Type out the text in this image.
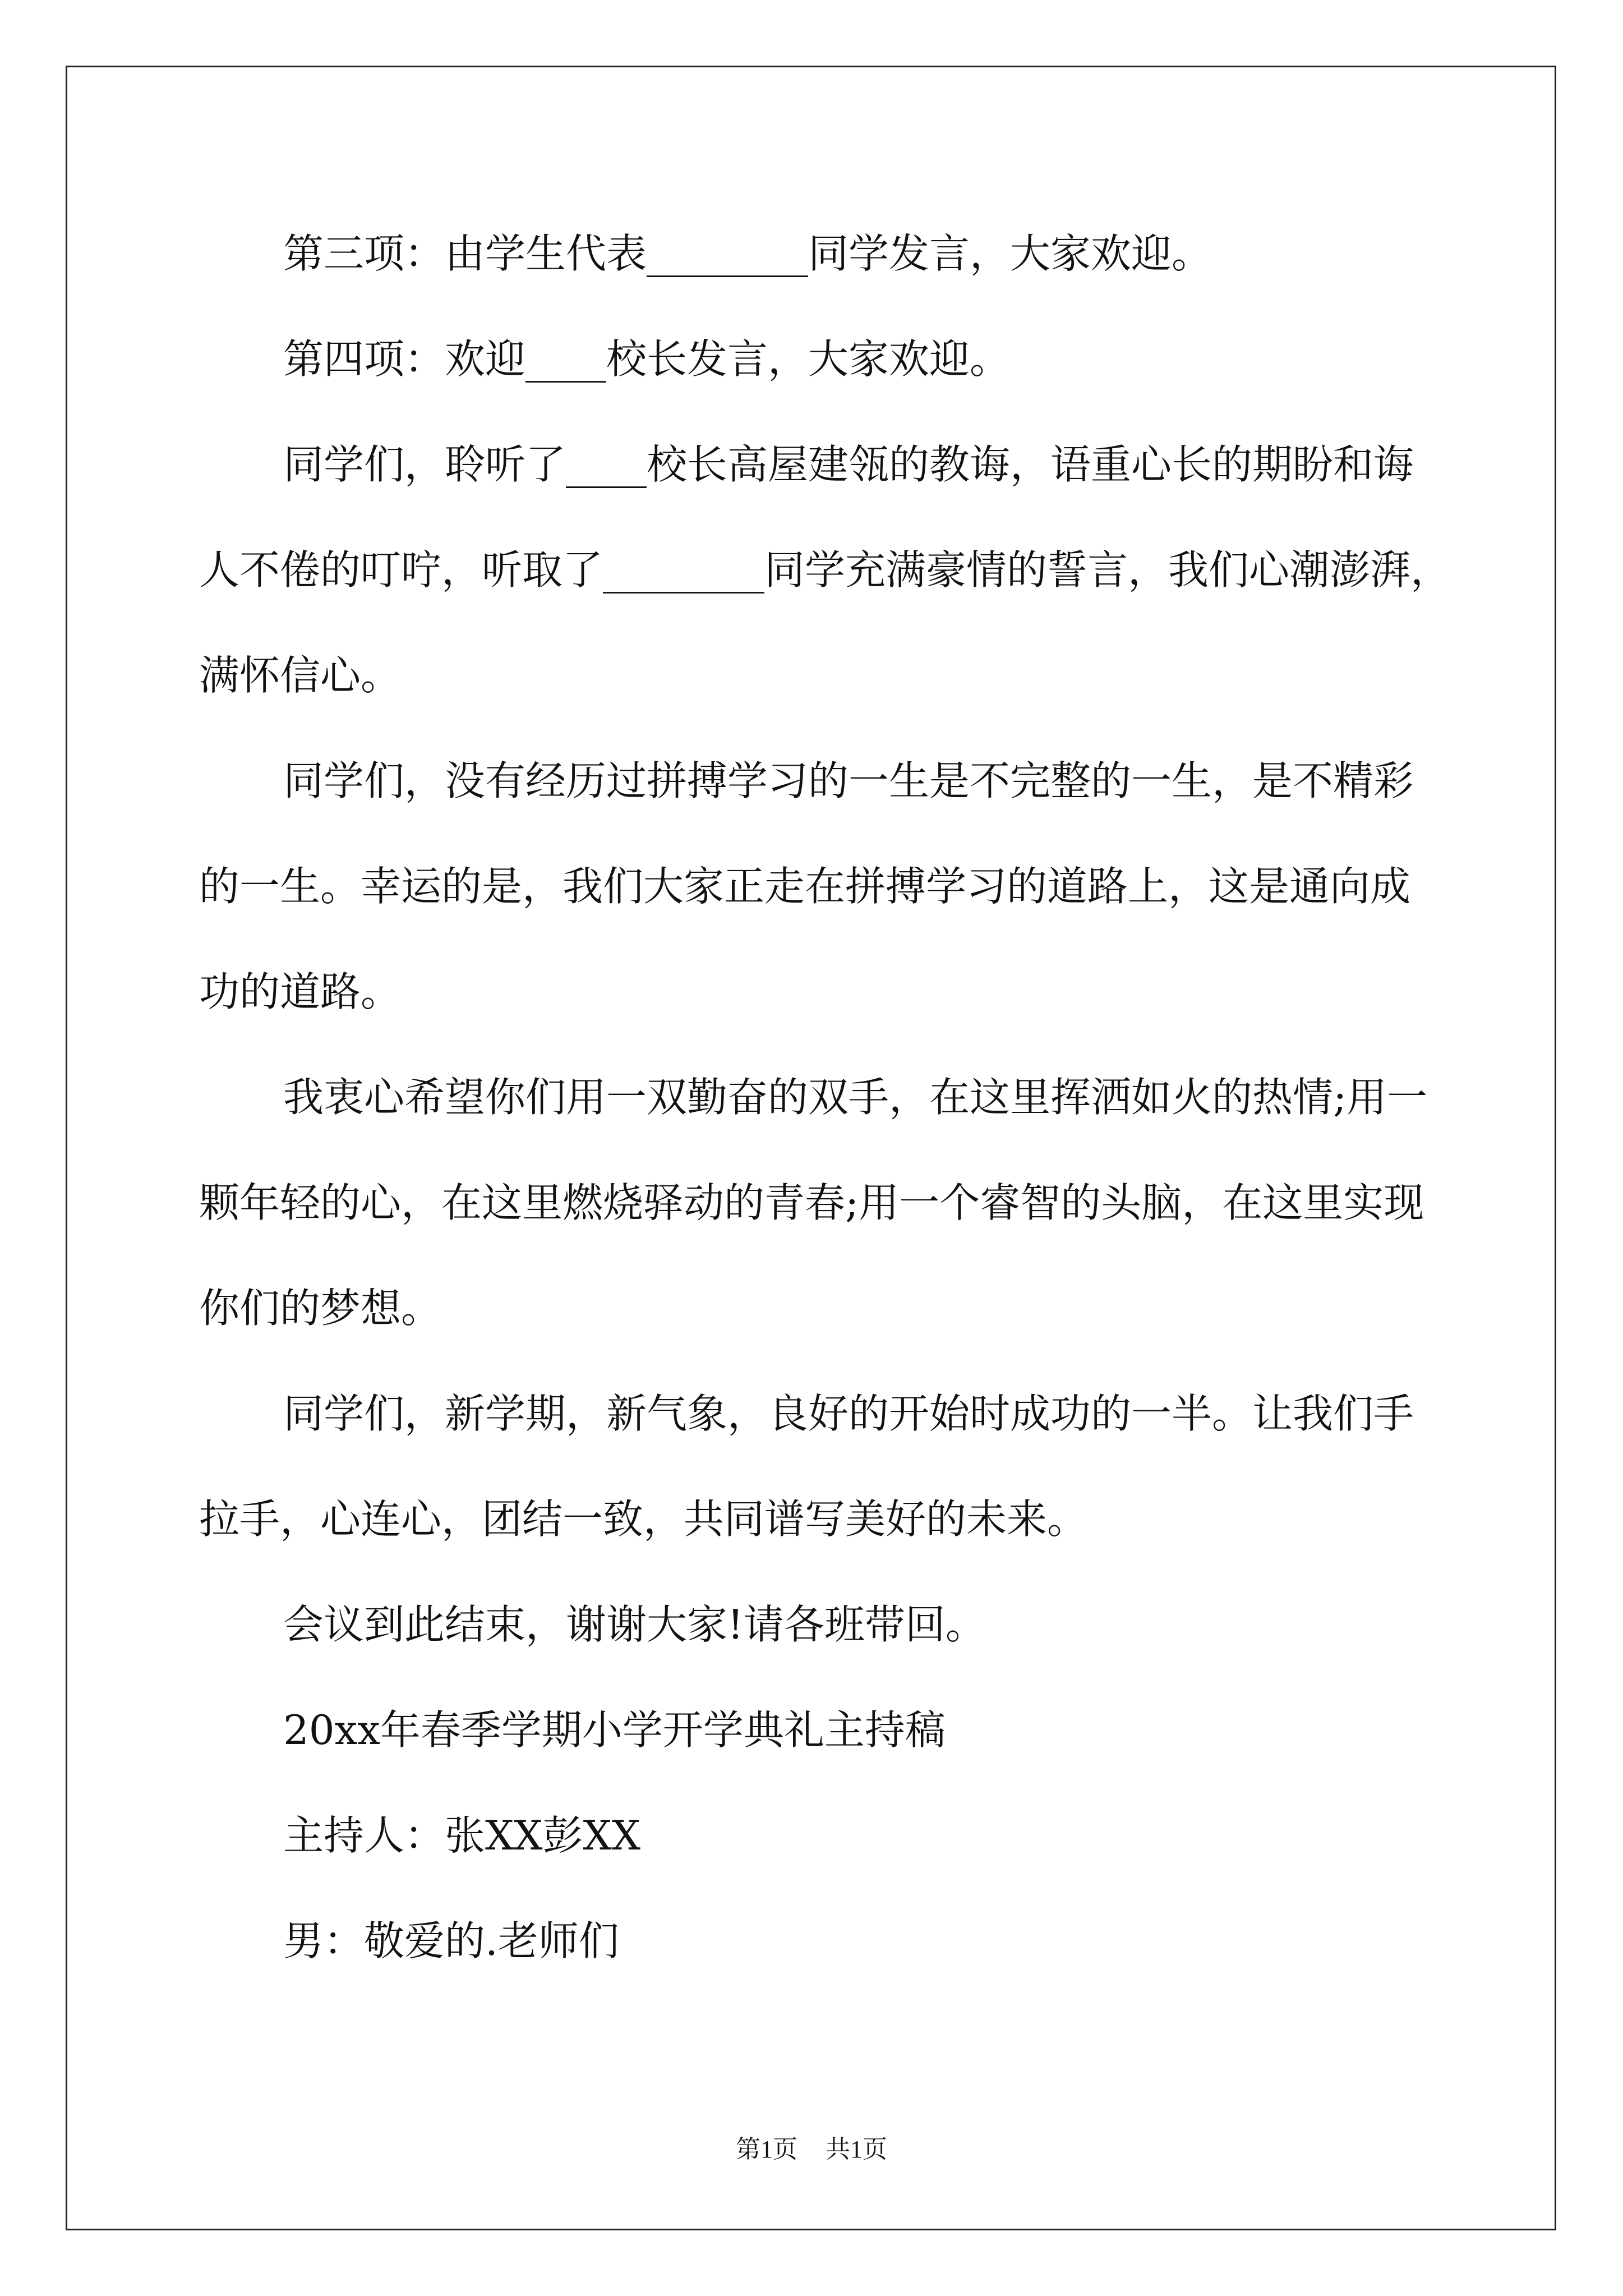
第三项：由学生代表________同学发言，大家欢迎。

第四项：欢迎____校长发言，大家欢迎。

同学们，聆听了____校长高屋建瓴的教诲，语重心长的期盼和诲
人不倦的叮咛，听取了________同学充满豪情的誓言，我们心潮澎湃，
满怀信心。

同学们，没有经历过拼搏学习的一生是不完整的一生，是不精彩
的一生。幸运的是，我们大家正走在拼搏学习的道路上，这是通向成
功的道路。

我衷心希望你们用一双勤奋的双手，在这里挥洒如火的热情;用一
颗年轻的心，在这里燃烧驿动的青春;用一个睿智的头脑，在这里实现
你们的梦想。

同学们，新学期，新气象，良好的开始时成功的一半。让我们手
拉手，心连心，团结一致，共同谱写美好的未来。

会议到此结束，谢谢大家!请各班带回。

20xx年春季学期小学开学典礼主持稿

主持人：张XX彭XX

男：敬爱的.老师们

第1页 共1页
